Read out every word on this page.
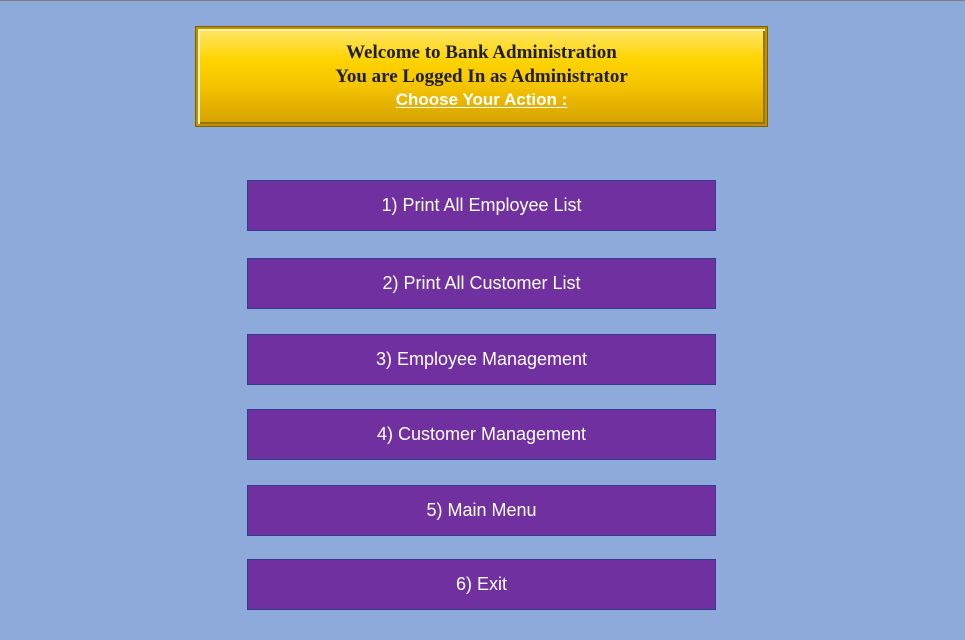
Welcome to Bank Administration
You are Logged In as Administrator
Choose Your Action :
1) Print All Employee List
2) Print All Customer List
3) Employee Management
4) Customer Management
5) Main Menu
6) Exit
